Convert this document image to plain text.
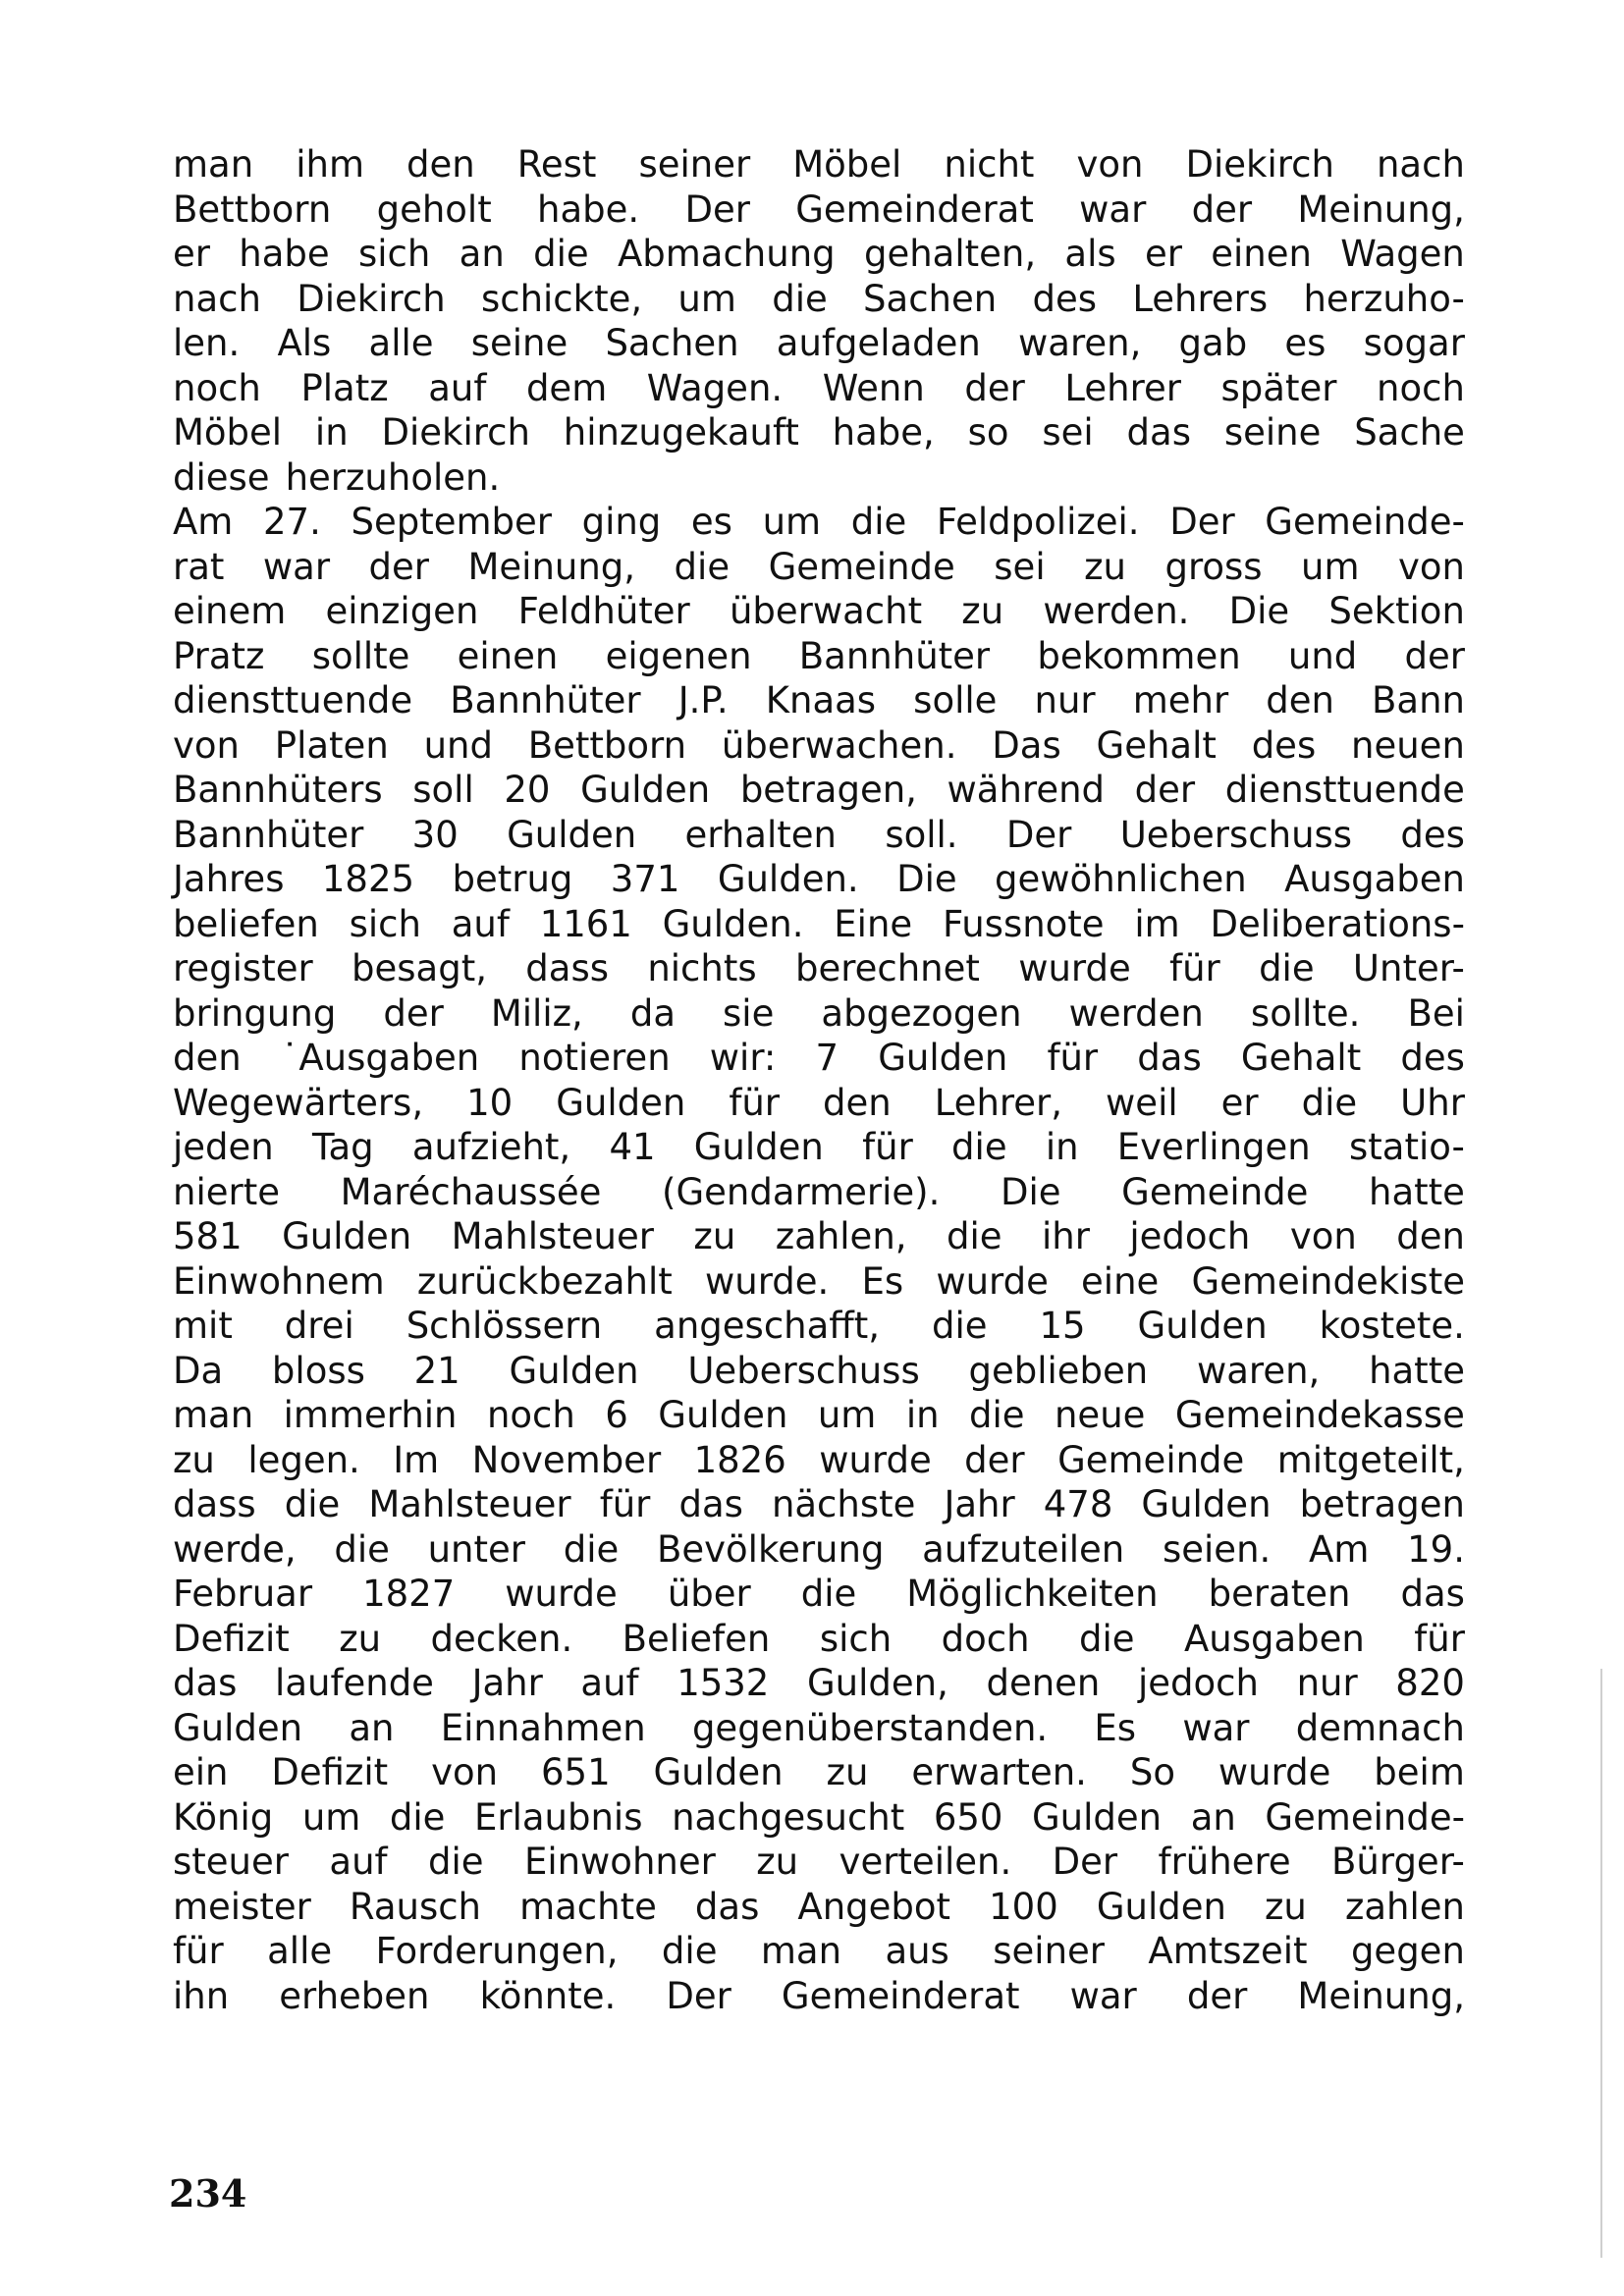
man ihm den Rest seiner Möbel nicht von Diekirch nach
Bettborn geholt habe. Der Gemeinderat war der Meinung,
er habe sich an die Abmachung gehalten, als er einen Wagen
nach Diekirch schickte, um die Sachen des Lehrers herzuho-
len. Als alle seine Sachen aufgeladen waren, gab es sogar
noch Platz auf dem Wagen. Wenn der Lehrer später noch
Möbel in Diekirch hinzugekauft habe, so sei das seine Sache
diese herzuholen.
Am 27. September ging es um die Feldpolizei. Der Gemeinde-
rat war der Meinung, die Gemeinde sei zu gross um von
einem einzigen Feldhüter überwacht zu werden. Die Sektion
Pratz sollte einen eigenen Bannhüter bekommen und der
diensttuende Bannhüter J.P. Knaas solle nur mehr den Bann
von Platen und Bettborn überwachen. Das Gehalt des neuen
Bannhüters soll 20 Gulden betragen, während der diensttuende
Bannhüter 30 Gulden erhalten soll. Der Ueberschuss des
Jahres 1825 betrug 371 Gulden. Die gewöhnlichen Ausgaben
beliefen sich auf 1161 Gulden. Eine Fussnote im Deliberations-
register besagt, dass nichts berechnet wurde für die Unter-
bringung der Miliz, da sie abgezogen werden sollte. Bei
den ˙Ausgaben notieren wir: 7 Gulden für das Gehalt des
Wegewärters, 10 Gulden für den Lehrer, weil er die Uhr
jeden Tag aufzieht, 41 Gulden für die in Everlingen statio-
nierte Maréchaussée (Gendarmerie). Die Gemeinde hatte
581 Gulden Mahlsteuer zu zahlen, die ihr jedoch von den
Einwohnem zurückbezahlt wurde. Es wurde eine Gemeindekiste
mit drei Schlössern angeschafft, die 15 Gulden kostete.
Da bloss 21 Gulden Ueberschuss geblieben waren, hatte
man immerhin noch 6 Gulden um in die neue Gemeindekasse
zu legen. Im November 1826 wurde der Gemeinde mitgeteilt,
dass die Mahlsteuer für das nächste Jahr 478 Gulden betragen
werde, die unter die Bevölkerung aufzuteilen seien. Am 19.
Februar 1827 wurde über die Möglichkeiten beraten das
Defizit zu decken. Beliefen sich doch die Ausgaben für
das laufende Jahr auf 1532 Gulden, denen jedoch nur 820
Gulden an Einnahmen gegenüberstanden. Es war demnach
ein Defizit von 651 Gulden zu erwarten. So wurde beim
König um die Erlaubnis nachgesucht 650 Gulden an Gemeinde-
steuer auf die Einwohner zu verteilen. Der frühere Bürger-
meister Rausch machte das Angebot 100 Gulden zu zahlen
für alle Forderungen, die man aus seiner Amtszeit gegen
ihn erheben könnte. Der Gemeinderat war der Meinung,
234
